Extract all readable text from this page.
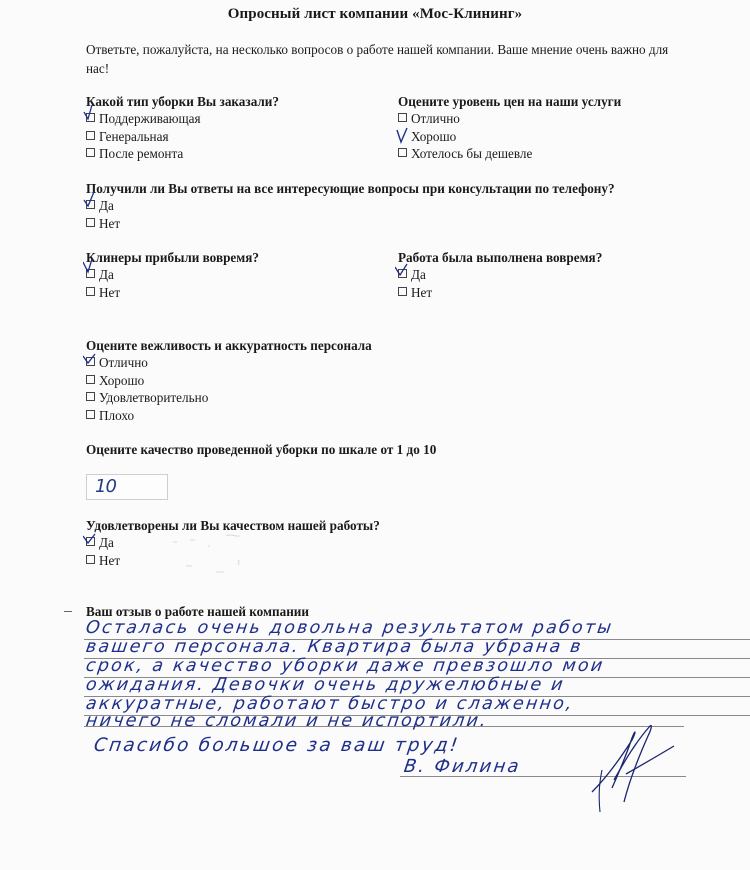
Опросный лист компании «Мос-Клининг»
Ответьте, пожалуйста, на несколько вопросов о работе нашей компании. Ваше мнение очень важно для нас!
Какой тип уборки Вы заказали?
Поддерживающая
Генеральная
После ремонта
Оцените уровень цен на наши услуги
Отлично
Хорошо
Хотелось бы дешевле
Получили ли Вы ответы на все интересующие вопросы при консультации по телефону?
Да
Нет
Клинеры прибыли вовремя?
Да
Нет
Работа была выполнена вовремя?
Да
Нет
Оцените вежливость и аккуратность персонала
Отлично
Хорошо
Удовлетворительно
Плохо
Оцените качество проведенной уборки по шкале от 1 до 10
10
Удовлетворены ли Вы качеством нашей работы?
Да
Нет
Ваш отзыв о работе нашей компании
Осталась очень довольна результатом работы
вашего персонала. Квартира была убрана в
срок, а качество уборки даже превзошло мои
ожидания. Девочки очень дружелюбные и
аккуратные, работают быстро и слаженно,
ничего не сломали и не испортили.
Спасибо большое за ваш труд!
В. Филина
